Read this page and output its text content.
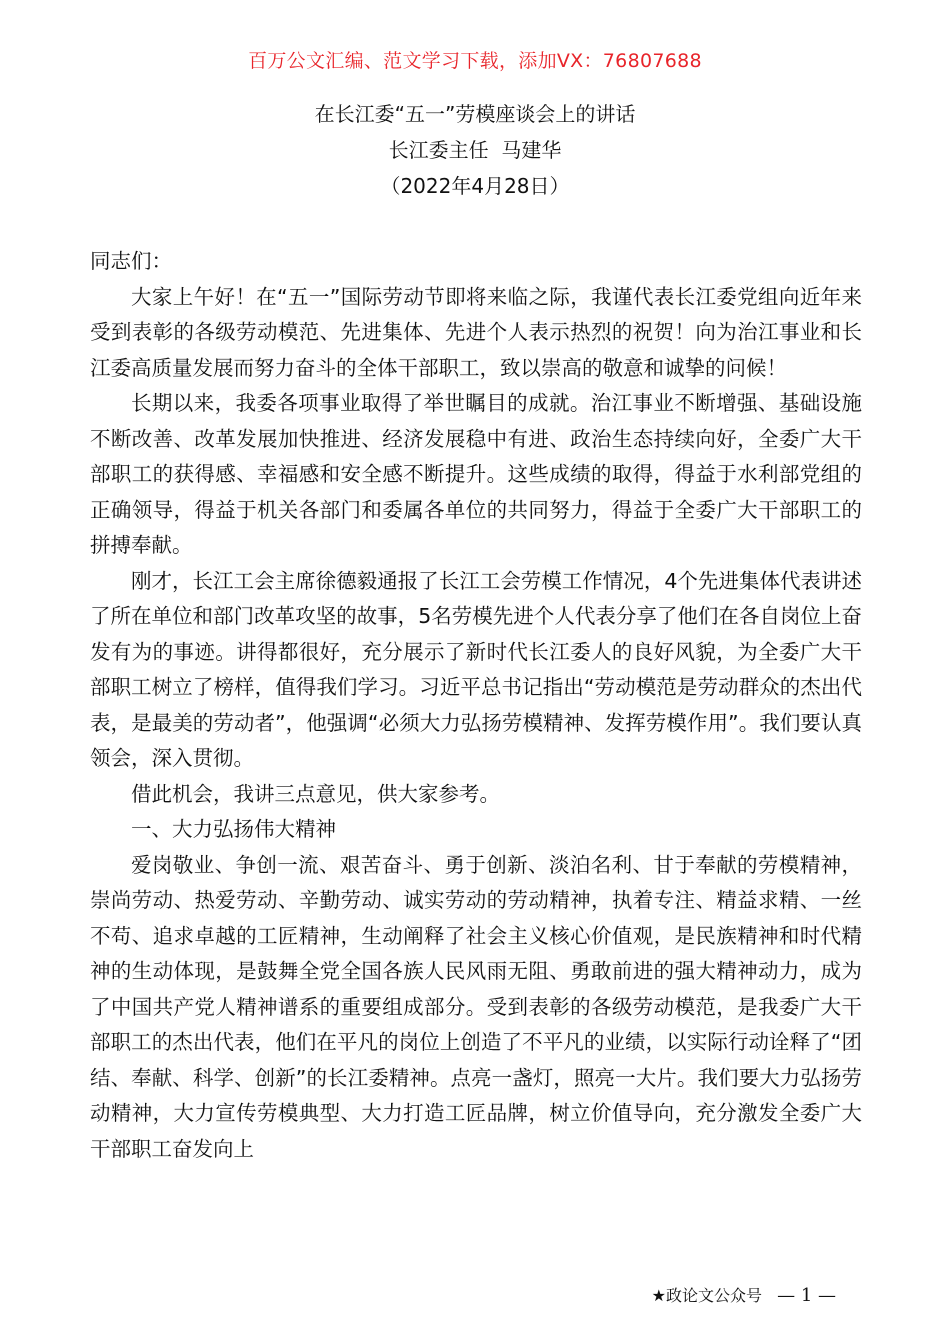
百万公文汇编、范文学习下载，添加VX：76807688
在长江委“五一”劳模座谈会上的讲话
长江委主任  马建华
（2022年4月28日）

同志们：

大家上午好！在“五一”国际劳动节即将来临之际，我谨代表长江委党组向近年来受到表彰的各级劳动模范、先进集体、先进个人表示热烈的祝贺！向为治江事业和长江委高质量发展而努力奋斗的全体干部职工，致以崇高的敬意和诚挚的问候！

长期以来，我委各项事业取得了举世瞩目的成就。治江事业不断增强、基础设施不断改善、改革发展加快推进、经济发展稳中有进、政治生态持续向好，全委广大干部职工的获得感、幸福感和安全感不断提升。这些成绩的取得，得益于水利部党组的正确领导，得益于机关各部门和委属各单位的共同努力，得益于全委广大干部职工的拼搏奉献。

刚才，长江工会主席徐德毅通报了长江工会劳模工作情况，4个先进集体代表讲述了所在单位和部门改革攻坚的故事，5名劳模先进个人代表分享了他们在各自岗位上奋发有为的事迹。讲得都很好，充分展示了新时代长江委人的良好风貌，为全委广大干部职工树立了榜样，值得我们学习。习近平总书记指出“劳动模范是劳动群众的杰出代表，是最美的劳动者”，他强调“必须大力弘扬劳模精神、发挥劳模作用”。我们要认真领会，深入贯彻。

借此机会，我讲三点意见，供大家参考。

一、大力弘扬伟大精神

爱岗敬业、争创一流、艰苦奋斗、勇于创新、淡泊名利、甘于奉献的劳模精神，崇尚劳动、热爱劳动、辛勤劳动、诚实劳动的劳动精神，执着专注、精益求精、一丝不苟、追求卓越的工匠精神，生动阐释了社会主义核心价值观，是民族精神和时代精神的生动体现，是鼓舞全党全国各族人民风雨无阻、勇敢前进的强大精神动力，成为了中国共产党人精神谱系的重要组成部分。受到表彰的各级劳动模范，是我委广大干部职工的杰出代表，他们在平凡的岗位上创造了不平凡的业绩，以实际行动诠释了“团结、奉献、科学、创新”的长江委精神。点亮一盏灯，照亮一大片。我们要大力弘扬劳动精神，大力宣传劳模典型、大力打造工匠品牌，树立价值导向，充分激发全委广大干部职工奋发向上

★政论文公众号 — 1 —
